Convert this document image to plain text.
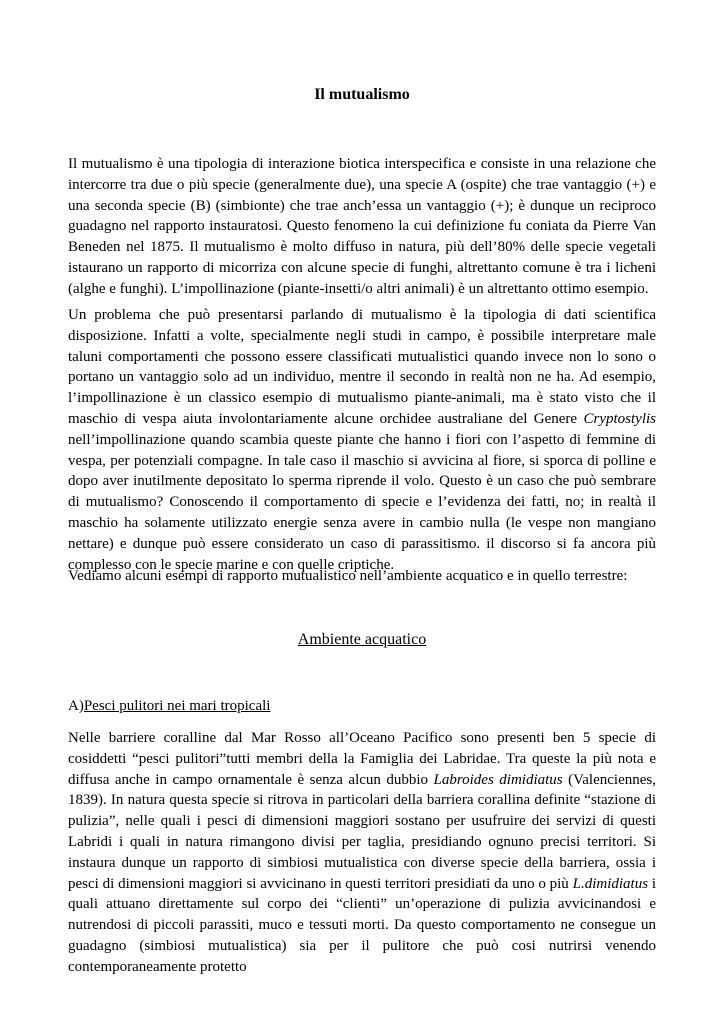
Il mutualismo

Il mutualismo è una tipologia di interazione biotica interspecifica e consiste in una relazione che intercorre tra due o più specie (generalmente due), una specie A (ospite) che trae vantaggio (+) e una seconda specie (B) (simbionte) che trae anch’essa un vantaggio (+); è dunque un reciproco guadagno nel rapporto instauratosi. Questo fenomeno la cui definizione fu coniata da Pierre Van Beneden nel 1875. Il mutualismo è molto diffuso in natura, più dell’80% delle specie vegetali istaurano un rapporto di micorriza con alcune specie di funghi, altrettanto comune è tra i licheni (alghe e funghi). L’impollinazione (piante-insetti/o altri animali) è un altrettanto ottimo esempio.

Un problema che può presentarsi parlando di mutualismo è la tipologia di dati scientifica disposizione. Infatti a volte, specialmente negli studi in campo, è possibile interpretare male taluni comportamenti che possono essere classificati mutualistici quando invece non lo sono o portano un vantaggio solo ad un individuo, mentre il secondo in realtà non ne ha. Ad esempio, l’impollinazione è un classico esempio di mutualismo piante-animali, ma è stato visto che il maschio di vespa aiuta involontariamente alcune orchidee australiane del Genere Cryptostylis nell’impollinazione quando scambia queste piante che hanno i fiori con l’aspetto di femmine di vespa, per potenziali compagne. In tale caso il maschio si avvicina al fiore, si sporca di polline e dopo aver inutilmente depositato lo sperma riprende il volo. Questo è un caso che può sembrare di mutualismo? Conoscendo il comportamento di specie e l’evidenza dei fatti, no; in realtà il maschio ha solamente utilizzato energie senza avere in cambio nulla (le vespe non mangiano nettare) e dunque può essere considerato un caso di parassitismo. il discorso si fa ancora più complesso con le specie marine e con quelle criptiche.

Vediamo alcuni esempi di rapporto mutualistico nell’ambiente acquatico e in quello terrestre:

Ambiente acquatico
A)Pesci pulitori nei mari tropicali

Nelle barriere coralline dal Mar Rosso all’Oceano Pacifico sono presenti ben 5 specie di cosiddetti “pesci pulitori”tutti membri della la Famiglia dei Labridae. Tra queste la più nota e diffusa anche in campo ornamentale è senza alcun dubbio Labroides dimidiatus (Valenciennes, 1839). In natura questa specie si ritrova in particolari della barriera corallina definite “stazione di pulizia”, nelle quali i pesci di dimensioni maggiori sostano per usufruire dei servizi di questi Labridi i quali in natura rimangono divisi per taglia, presidiando ognuno precisi territori. Si instaura dunque un rapporto di simbiosi mutualistica con diverse specie della barriera, ossia i pesci di dimensioni maggiori si avvicinano in questi territori presidiati da uno o più L.dimidiatus i quali attuano direttamente sul corpo dei “clienti” un’operazione di pulizia avvicinandosi e nutrendosi di piccoli parassiti, muco e tessuti morti. Da questo comportamento ne consegue un guadagno (simbiosi mutualistica) sia per il pulitore che può cosi nutrirsi venendo contemporaneamente protetto
